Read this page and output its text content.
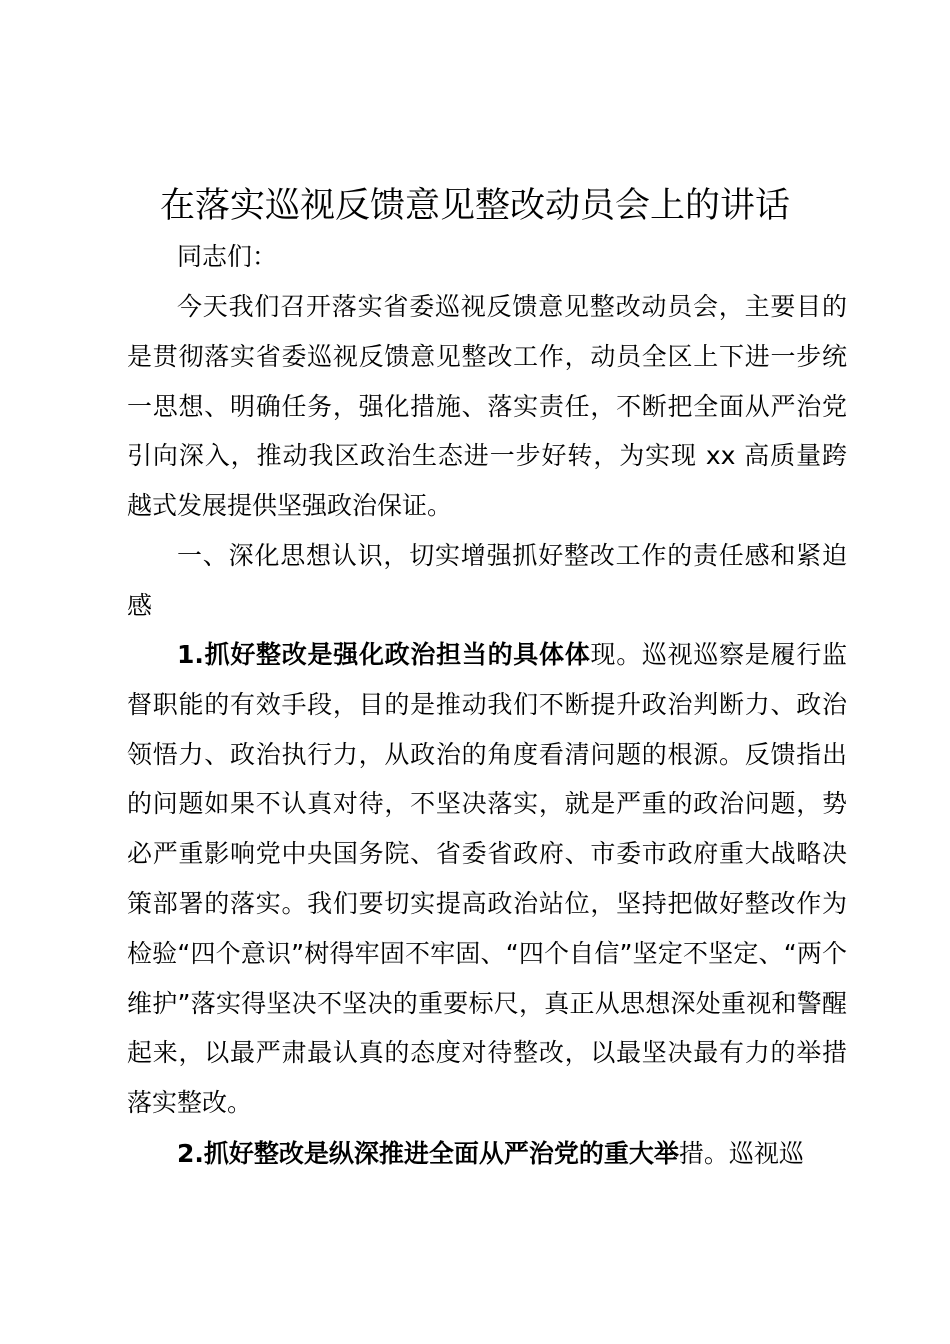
在落实巡视反馈意见整改动员会上的讲话
同志们：
今天我们召开落实省委巡视反馈意见整改动员会，主要目的是贯彻落实省委巡视反馈意见整改工作，动员全区上下进一步统一思想、明确任务，强化措施、落实责任，不断把全面从严治党引向深入，推动我区政治生态进一步好转，为实现 xx 高质量跨越式发展提供坚强政治保证。
一、深化思想认识，切实增强抓好整改工作的责任感和紧迫感
1.抓好整改是强化政治担当的具体体现。巡视巡察是履行监督职能的有效手段，目的是推动我们不断提升政治判断力、政治领悟力、政治执行力，从政治的角度看清问题的根源。反馈指出的问题如果不认真对待，不坚决落实，就是严重的政治问题，势必严重影响党中央国务院、省委省政府、市委市政府重大战略决策部署的落实。我们要切实提高政治站位，坚持把做好整改作为检验“四个意识”树得牢固不牢固、“四个自信”坚定不坚定、“两个维护”落实得坚决不坚决的重要标尺，真正从思想深处重视和警醒起来，以最严肃最认真的态度对待整改，以最坚决最有力的举措落实整改。
2.抓好整改是纵深推进全面从严治党的重大举措。巡视巡
